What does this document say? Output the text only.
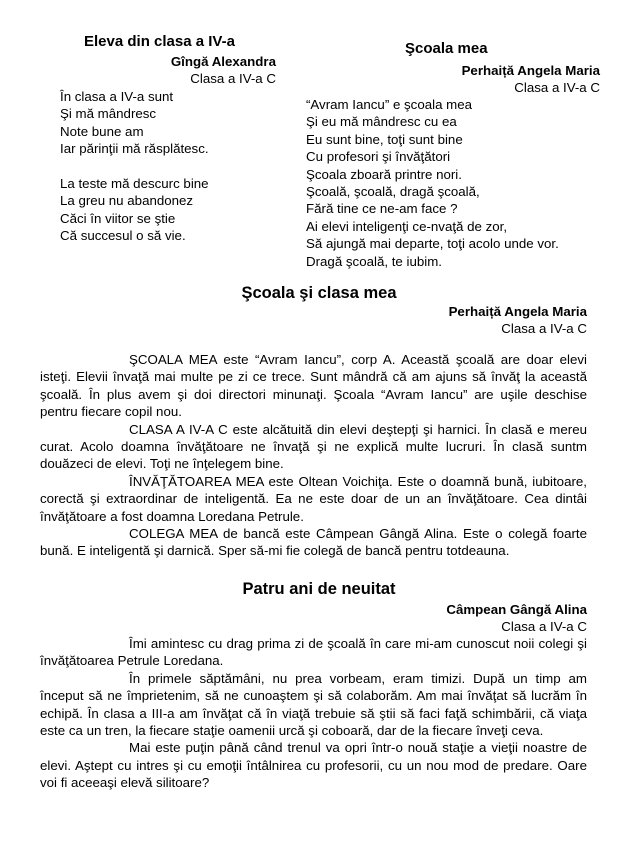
Eleva din clasa a IV-a
Gîngă Alexandra
Clasa a IV-a C
În clasa a IV-a sunt
Şi mă mândresc
Note bune am
Iar părinţii mă răsplătesc.
La teste mă descurc bine
La greu nu abandonez
Căci în viitor se ştie
Că succesul o să vie.
Şcoala mea
Perhaiță Angela Maria
Clasa a IV-a C
“Avram Iancu” e şcoala mea
Şi eu mă mândresc cu ea
Eu sunt bine, toţi sunt bine
Cu profesori şi învăţători
Şcoala zboară printre nori.
Şcoală, şcoală, dragă şcoală,
Fără tine ce ne-am face ?
Ai elevi inteligenţi ce-nvaţă de zor,
Să ajungă mai departe, toţi acolo unde vor.
Dragă şcoală, te iubim.
Şcoala şi clasa mea
Perhaiță Angela Maria
Clasa a IV-a C

ŞCOALA MEA este “Avram Iancu”, corp A. Această şcoală are doar elevi isteţi. Elevii învaţă mai multe pe zi ce trece. Sunt mândră că am ajuns să învăţ la această şcoală. În plus avem şi doi directori minunaţi. Şcoala “Avram Iancu” are uşile deschise pentru fiecare copil nou.

CLASA A IV-A C este alcătuită din elevi deştepţi şi harnici. În clasă e mereu curat. Acolo doamna învăţătoare ne învaţă şi ne explică multe lucruri. În clasă suntm douăzeci de elevi. Toţi ne înţelegem bine.

ÎNVĂŢĂTOAREA MEA este Oltean Voichiţa. Este o doamnă bună, iubitoare, corectă şi extraordinar de inteligentă. Ea ne este doar de un an învăţătoare. Cea dintâi învăţătoare a fost doamna Loredana Petrule.

COLEGA MEA de bancă este Câmpean Gângă Alina. Este o colegă foarte bună. E inteligentă şi darnică. Sper să-mi fie colegă de bancă pentru totdeauna.

Patru ani de neuitat
Câmpean Gângă Alina
Clasa a IV-a C

Îmi amintesc cu drag prima zi de şcoală în care mi-am cunoscut noii colegi şi învăţătoarea Petrule Loredana.

În primele săptămâni, nu prea vorbeam, eram timizi. După un timp am început să ne împrietenim, să ne cunoaştem şi să colaborăm. Am mai învăţat să lucrăm în echipă. În clasa a III-a am învăţat că în viaţă trebuie să ştii să faci faţă schimbării, că viaţa este ca un tren, la fiecare staţie oamenii urcă şi coboară, dar de la fiecare înveţi ceva.

Mai este puţin până când trenul va opri într-o nouă staţie a vieţii noastre de elevi. Aştept cu intres şi cu emoţii întâlnirea cu profesorii, cu un nou mod de predare. Oare voi fi aceeaşi elevă silitoare?
